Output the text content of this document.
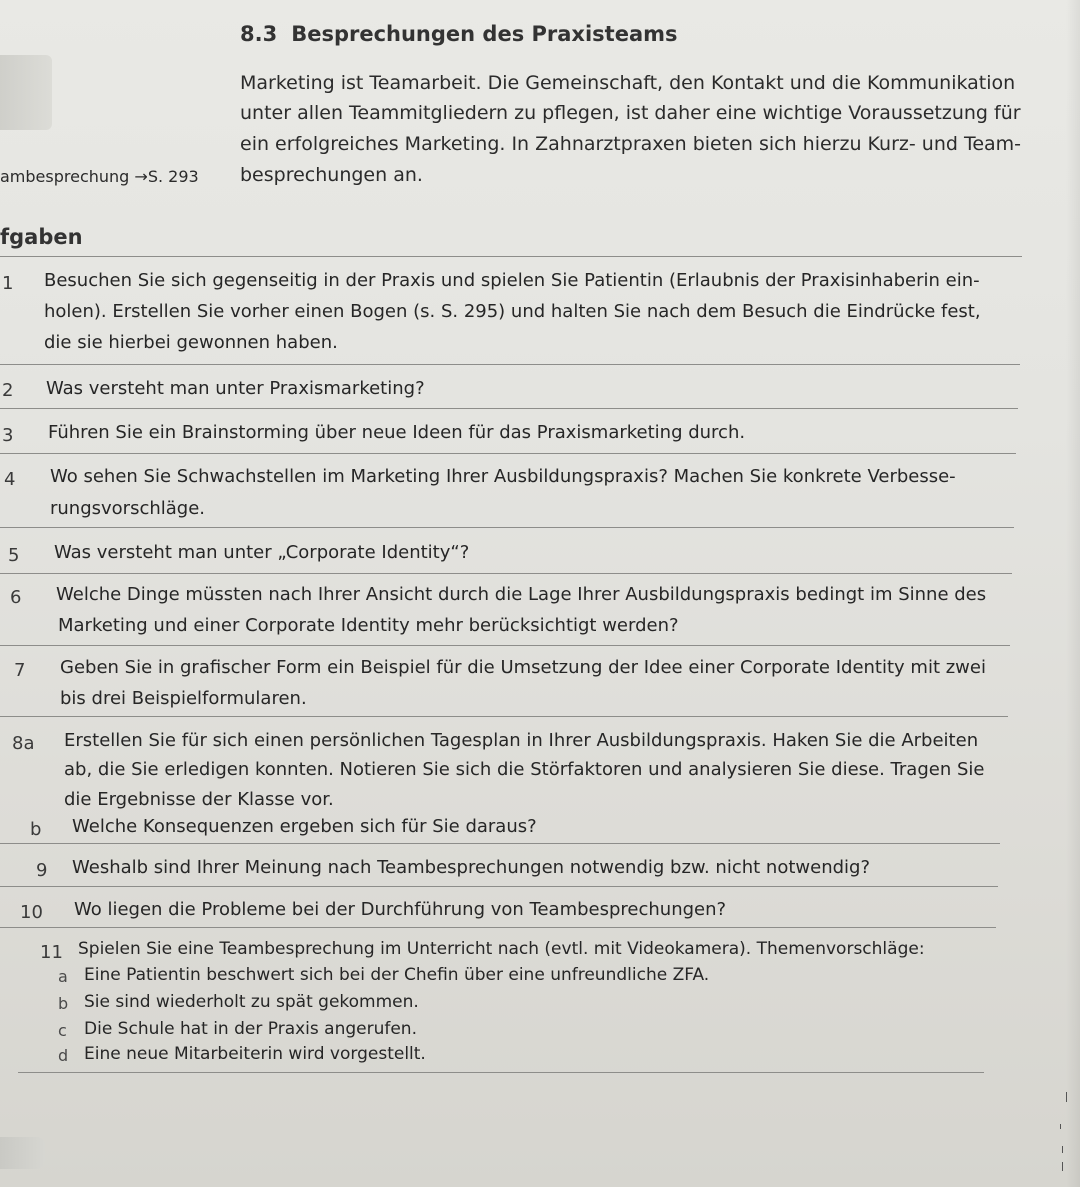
8.3 Besprechungen des Praxisteams
Marketing ist Teamarbeit. Die Gemeinschaft, den Kontakt und die Kommunikation
unter allen Teammitgliedern zu pflegen, ist daher eine wichtige Voraussetzung für
ein erfolgreiches Marketing. In Zahnarztpraxen bieten sich hierzu Kurz- und Team-
besprechungen an.
ambesprechung →S. 293
fgaben
1 Besuchen Sie sich gegenseitig in der Praxis und spielen Sie Patientin (Erlaubnis der Praxisinhaberin ein-
holen). Erstellen Sie vorher einen Bogen (s. S. 295) und halten Sie nach dem Besuch die Eindrücke fest,
die sie hierbei gewonnen haben.
2 Was versteht man unter Praxismarketing?
3 Führen Sie ein Brainstorming über neue Ideen für das Praxismarketing durch.
4 Wo sehen Sie Schwachstellen im Marketing Ihrer Ausbildungspraxis? Machen Sie konkrete Verbesse-
rungsvorschläge.
5 Was versteht man unter „Corporate Identity“?
6 Welche Dinge müssten nach Ihrer Ansicht durch die Lage Ihrer Ausbildungspraxis bedingt im Sinne des
Marketing und einer Corporate Identity mehr berücksichtigt werden?
7 Geben Sie in grafischer Form ein Beispiel für die Umsetzung der Idee einer Corporate Identity mit zwei
bis drei Beispielformularen.
8a Erstellen Sie für sich einen persönlichen Tagesplan in Ihrer Ausbildungspraxis. Haken Sie die Arbeiten
ab, die Sie erledigen konnten. Notieren Sie sich die Störfaktoren und analysieren Sie diese. Tragen Sie
die Ergebnisse der Klasse vor.
b Welche Konsequenzen ergeben sich für Sie daraus?
9 Weshalb sind Ihrer Meinung nach Teambesprechungen notwendig bzw. nicht notwendig?
10 Wo liegen die Probleme bei der Durchführung von Teambesprechungen?
11 Spielen Sie eine Teambesprechung im Unterricht nach (evtl. mit Videokamera). Themenvorschläge:
a Eine Patientin beschwert sich bei der Chefin über eine unfreundliche ZFA.
b Sie sind wiederholt zu spät gekommen.
c Die Schule hat in der Praxis angerufen.
d Eine neue Mitarbeiterin wird vorgestellt.
